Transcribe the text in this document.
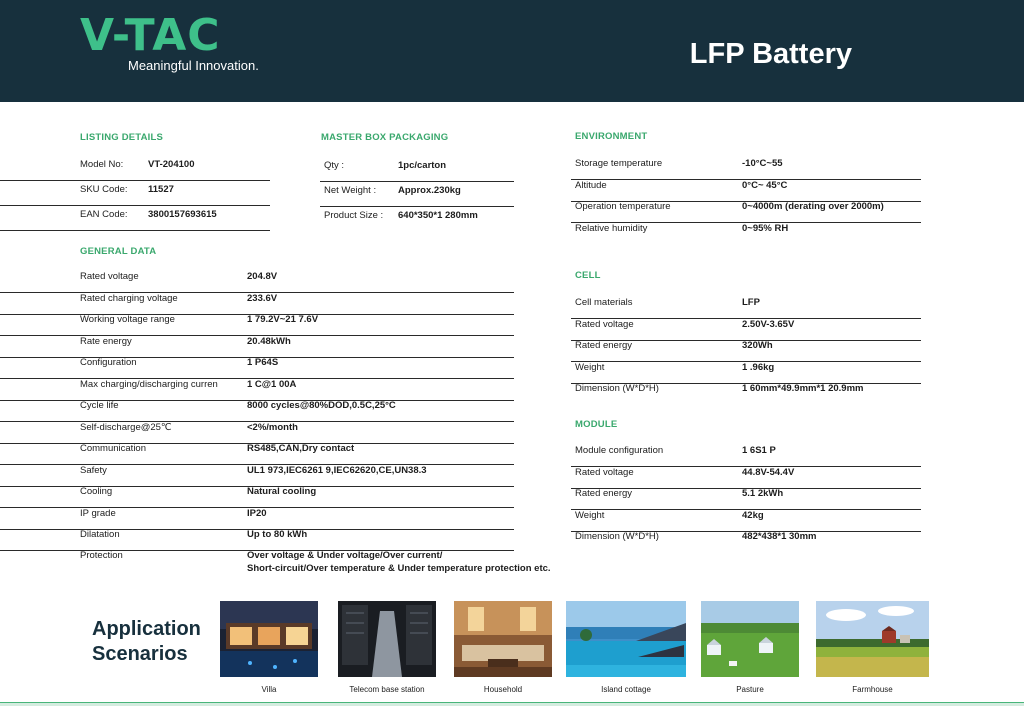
V-TAC
Meaningful Innovation.	LFP Battery
LISTING DETAILS
Model No:	VT-204100
SKU Code: 11527
EAN Code: 3800157693615
MASTER BOX PACKAGING
Qty :	1pc/carton
Net Weight : Approx.230kg
Product Size : 640*350*1 280mm
GENERAL DATA
Rated voltage	204.8V
Rated charging voltage	233.6V
Working voltage range	1 79.2V~21 7.6V
Rate energy	20.48kWh
Configuration	1 P64S
Max charging/discharging curren	1 C@1 00A
Cycle life	8000 cycles@80%DOD,0.5C,25°C
Self-discharge@25℃	<2%/month
Communication	RS485,CAN,Dry contact
Safety	UL1 973,IEC6261 9,IEC62620,CE,UN38.3
Cooling	Natural cooling
IP grade	IP20
Dilatation	Up to 80 kWh
Protection	Over voltage & Under voltage/Over current/
Short-circuit/Over temperature & Under temperature protection etc.
ENVIRONMENT
Storage temperature	-10°C~55
Altitude	0°C~ 45°C
Operation temperature	0~4000m (derating over 2000m)
Relative humidity	0~95% RH
CELL
Cell materials	LFP
Rated voltage	2.50V-3.65V
Rated energy	320Wh
Weight	1 .96kg
Dimension (W*D*H)	1 60mm*49.9mm*1 20.9mm
MODULE
Module configuration	1 6S1 P
Rated voltage	44.8V-54.4V
Rated energy	5.1 2kWh
Weight	42kg
Dimension (W*D*H)	482*438*1 30mm
Application
Scenarios
Villa	Telecom base station	Household	Island cottage	Pasture	Farmhouse
